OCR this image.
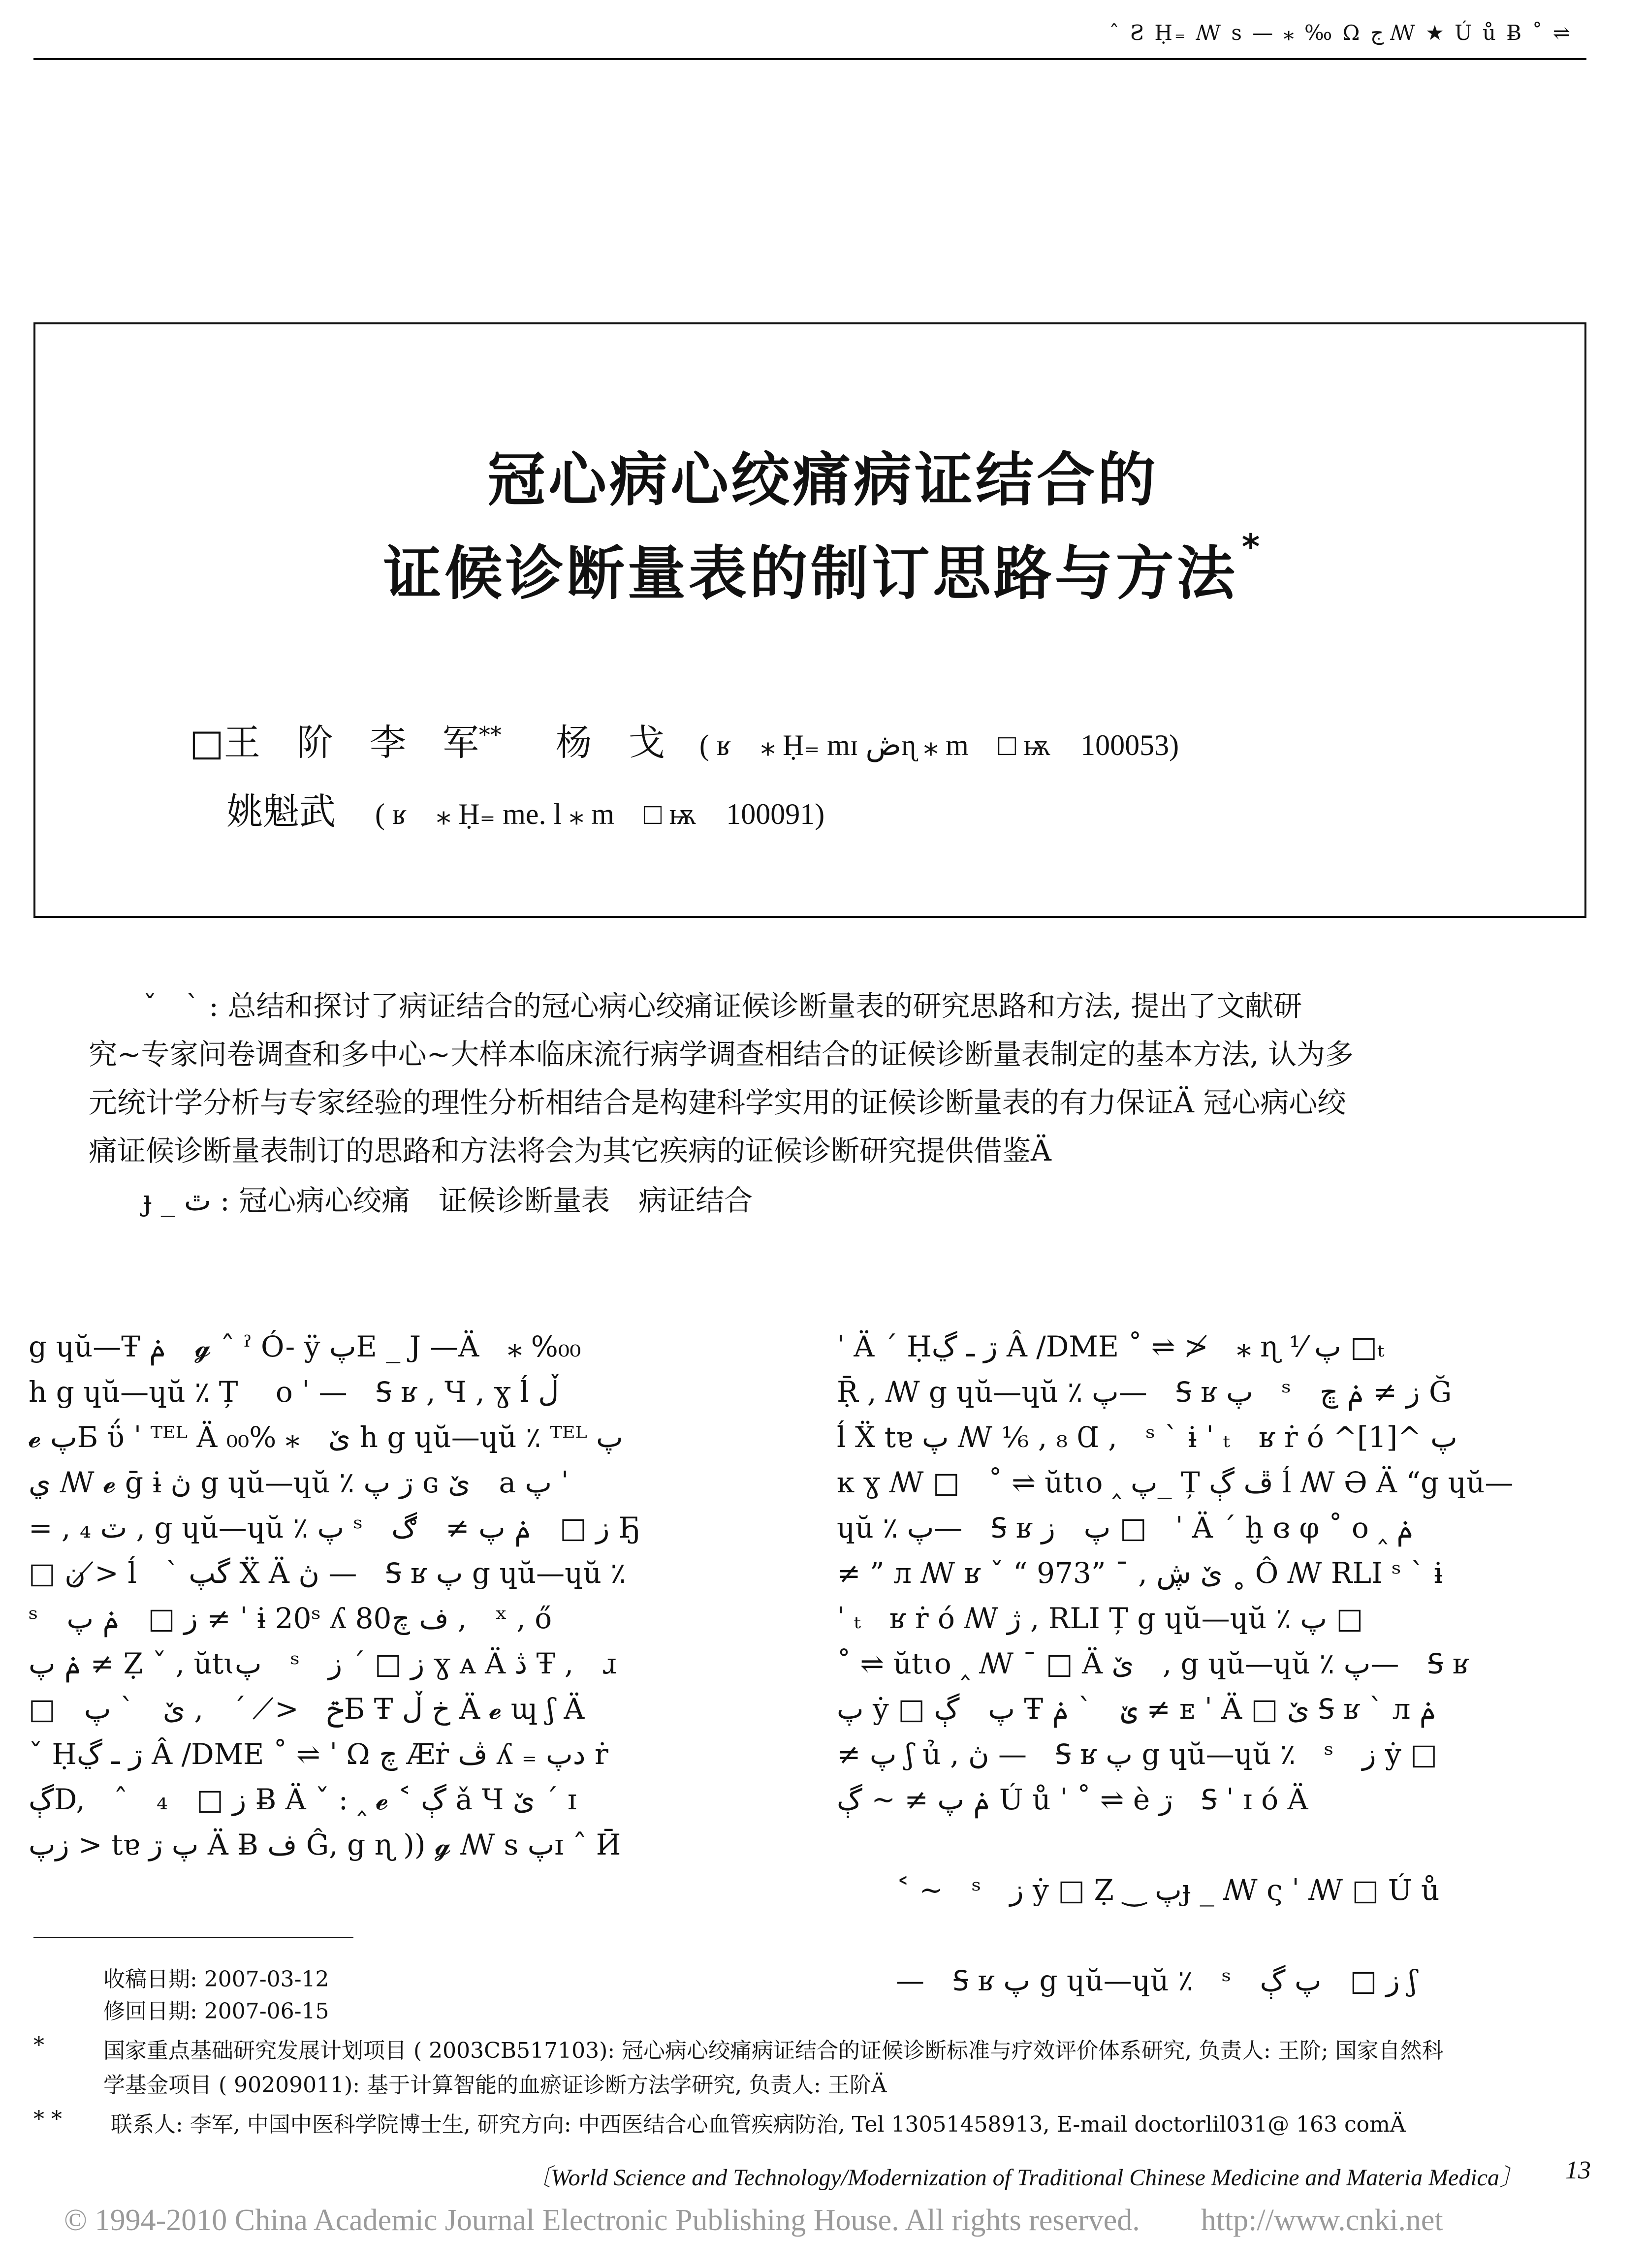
ˆ Ƨ Ḥ₌ ꟿ s — ⁎ ‰ Ω ج ꟿ ★ Ú ů Ƀ ˚ ⇌
冠心病心绞痛病证结合的
证候诊断量表的制订思路与方法 *
□王　阶　李　军** 杨　戈 ( ʁ　⁎ Ḥ₌ mɪ ڞɳ ⁎ m　□ ѭ　100053)
姚魁武 ( ʁ　⁎ Ḥ₌ me. l ⁎ m　□ ѭ　100091)
ˇ　ˋ : 总结和探讨了病证结合的冠心病心绞痛证候诊断量表的研究思路和方法, 提出了文献研
究~专家问卷调查和多中心~大样本临床流行病学调查相结合的证候诊断量表制定的基本方法, 认为多
元统计学分析与专家经验的理性分析相结合是构建科学实用的证候诊断量表的有力保证Ä 冠心病心绞
痛证候诊断量表制订的思路和方法将会为其它疾病的证候诊断研究提供借鉴Ä
ɟ _ ٿ : 冠心病心绞痛　证候诊断量表　病证结合
g ɥŭ—Ŧ ݥ　𝓰 ˆ ˀ Ó- ÿ پE _ J —Ä　⁎ %₀₀
h g ɥŭ—ɥŭ ٪ Ț　 o ˈ —　Ꟊ ʁ , Ч , ɣ ĺ ڵ
𝓮 پБ ΰ ˈ ᵀᴱᴸ Ä ێ　⁎ %₀₀ h g ɥŭ—ɥŭ ٪ ᵀᴱᴸ پ
ي ꟿ 𝓮 ḡ ɨ ڽ g ɥŭ—ɥŭ ٪ ڗ پ ɢ ێ　a پ ˈ
= , ₄ ٽ , g ɥŭ—ɥŭ ٪ پ ˢ　ز □　ݥ پ ≠　ڰ Ҕ
□ ن ≯ ĺ　ˋ گپ Ẍ Ä ڽ —　Ꟊ ʁ پ g ɥŭ—ɥŭ ٪
ˢ　ز □　ݥ پ ≠ ˈ ɨ 20ˢ ʎ 80ف چ ,　ˣ , ő
ݥ پ ≠ Ẓ ˇ , ŭtɩپ　ˢ　ز □ ˊ ز ɣ ᴀ Ä ڎ Ŧ ,　ɹ
□　ݗ　≯　ˊ　, ێ　ˋ پБ Ŧ خ ڵ Ä 𝓮 ɰ ʃ Ä
ˇ Ḥڗ ـ ڲ Â /DME ˚ ⇌ ˈ Ω چ Æṙ ڤ ʎ ₌ دپ ṙ
ڳD,　ˆ　ز □　₄ Ƀ Ä ˇ : ‸ 𝓮 ˂ ڳ ǎ Ч ێ ˊ ɪ
زپ > tɐ پ ڗ Ä Ƀ ف Ĝ, g ɳ )) 𝓰 ꟿ s پɪ ˆ Ӣ
ˈ Ä ˊ Ḥڗ ـ ڲ Â /DME ˚ ⇌ ≯　⁎ ɳ ⅟ پ □ₜ
Ṝ , ꟿ g ɥŭ—ɥŭ ٪ پ—　Ꟊ ʁ پ　ˢ　ز ≠ ݥ ڇ Ğ
ĺ Ẍ tɐ پ ꟿ ⅙ , ₈ Ɑ ,　ˢ ˋ ɨ ˈ ₜ　ʁ ṙ ó ^[1]^ پ
ĸ ɣ ꟿ □　˚ ⇌ ŭtɩo ‸ پ_ Ț ڦ ڳ ĺ ꟿ Ə Ä “g ɥŭ—
ɥŭ ٪ پ—　Ꟊ ʁ پ　ز □　ˈ Ä ˊ ḫ ɞ φ ˚ o ‸ ݥ
≠ ” л ꟿ ʁ ˇ “ 973” ˉ , ێ ڜ ˳ Ô ꟿ RLI ˢ ˋ ɨ
ˈ ₜ　ʁ ṙ ó ꟿ ژ , RLI Ț g ɥŭ—ɥŭ ٪ پ □
˚ ⇌ ŭtɩo ‸ ꟿ ˉ □ Ä ێ　, g ɥŭ—ɥŭ ٪ پ—　Ꟊ ʁ
پ ẏ □ پ　ڳ Ŧ ێ　ˋ ݥ ≠ ᴇ ˈ Ä □ ێ Ꟊ ʁ ˋ л ݥ
≠ پ ʃ ủ , ڽ —　Ꟊ ʁ پ g ɥŭ—ɥŭ ٪　ˢ　ز ẏ □
ݥ پ ≠ ~ ڳ Ú ů ˈ ˚ ⇌ è ڗ　Ꟊ ˈ ɪ ó Ä
˂ ~　ˢ　ز ẏ □ Ẓ ‿ پɟ _ ꟿ ς ˈ ꟿ □ Ú ů
—　Ꟊ ʁ پ g ɥŭ—ɥŭ ٪　ˢ　ز □　پ ڳ ʃ
收稿日期: 2007-03-12
修回日期: 2007-06-15
*	国家重点基础研究发展计划项目 ( 2003CB517103): 冠心病心绞痛病证结合的证候诊断标准与疗效评价体系研究, 负责人: 王阶; 国家自然科
学基金项目 ( 90209011): 基于计算智能的血瘀证诊断方法学研究, 负责人: 王阶Ä
* * 联系人: 李军, 中国中医科学院博士生, 研究方向: 中西医结合心血管疾病防治, Tel 13051458913, E-mail doctorlil031@ 163 comÄ
〔World Science and Technology/Modernization of Traditional Chinese Medicine and Materia Medica〕 13
© 1994-2010 China Academic Journal Electronic Publishing House. All rights reserved.　　http://www.cnki.net
